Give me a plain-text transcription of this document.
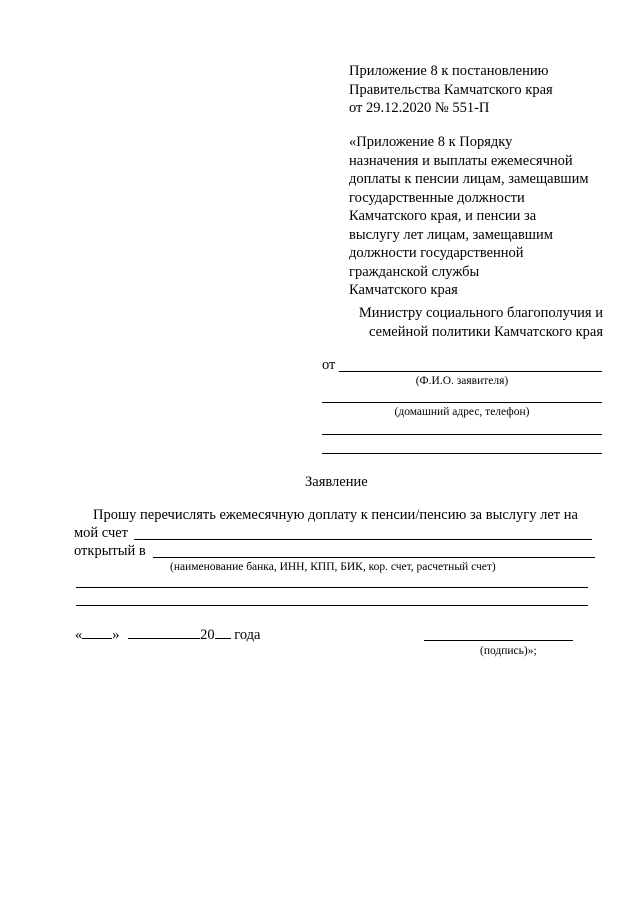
Приложение 8 к постановлению
Правительства Камчатского края
от 29.12.2020 № 551-П
«Приложение 8 к Порядку
назначения и выплаты ежемесячной
доплаты к пенсии лицам, замещавшим
государственные должности
Камчатского края, и пенсии за
выслугу лет лицам, замещавшим
должности государственной
гражданской службы
Камчатского края
Министру социального благополучия и
семейной политики Камчатского края
от
(Ф.И.О. заявителя)
(домашний адрес, телефон)
Заявление
Прошу перечислять ежемесячную доплату к пенсии/пенсию за выслугу лет на
мой счет
открытый в
(наименование банка, ИНН, КПП, БИК, кор. счет, расчетный счет)
« »	20 года
(подпись)»;
